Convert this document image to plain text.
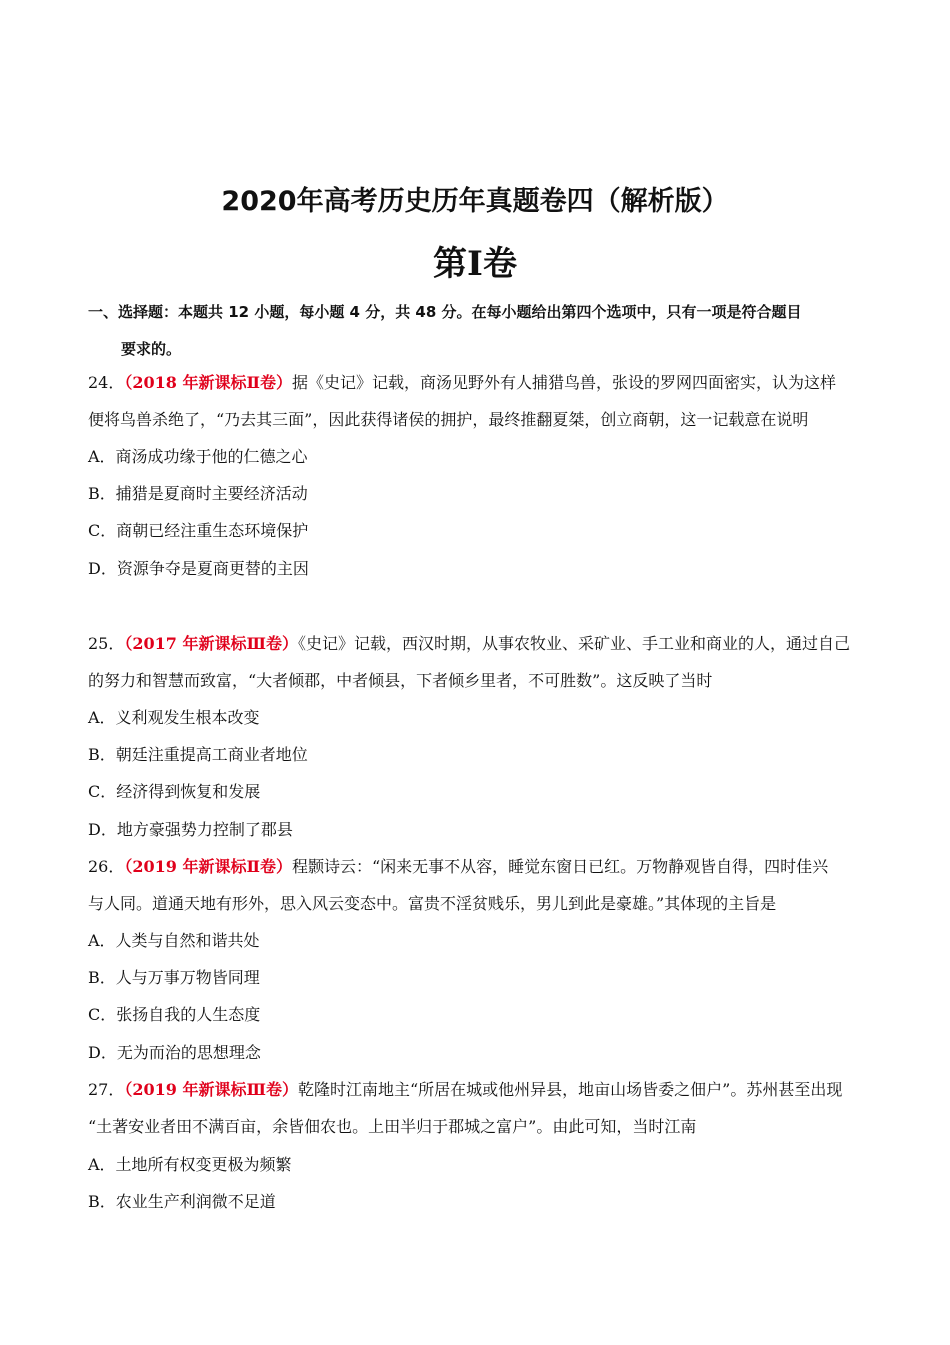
2020年高考历史历年真题卷四（解析版）
第Ⅰ卷

一、选择题：本题共 12 小题，每小题 4 分，共 48 分。在每小题给出第四个选项中，只有一项是符合题目
要求的。

24．（2018 年新课标Ⅱ卷）据《史记》记载，商汤见野外有人捕猎鸟兽，张设的罗网四面密实，认为这样

便将鸟兽杀绝了，“乃去其三面”，因此获得诸侯的拥护，最终推翻夏桀，创立商朝，这一记载意在说明

A．商汤成功缘于他的仁德之心

B．捕猎是夏商时主要经济活动

C．商朝已经注重生态环境保护

D．资源争夺是夏商更替的主因

25．（2017 年新课标Ⅲ卷）《史记》记载，西汉时期，从事农牧业、采矿业、手工业和商业的人，通过自己

的努力和智慧而致富，“大者倾郡，中者倾县，下者倾乡里者，不可胜数”。这反映了当时

A．义利观发生根本改变

B．朝廷注重提高工商业者地位

C．经济得到恢复和发展

D．地方豪强势力控制了郡县

26．（2019 年新课标Ⅱ卷）程颢诗云：“闲来无事不从容，睡觉东窗日已红。万物静观皆自得，四时佳兴

与人同。道通天地有形外，思入风云变态中。富贵不淫贫贱乐，男儿到此是豪雄。”其体现的主旨是

A．人类与自然和谐共处

B．人与万事万物皆同理

C．张扬自我的人生态度

D．无为而治的思想理念

27．（2019 年新课标Ⅲ卷）乾隆时江南地主“所居在城或他州异县，地亩山场皆委之佃户”。苏州甚至出现

“土著安业者田不满百亩，余皆佃农也。上田半归于郡城之富户”。由此可知，当时江南

A．土地所有权变更极为频繁

B．农业生产利润微不足道
